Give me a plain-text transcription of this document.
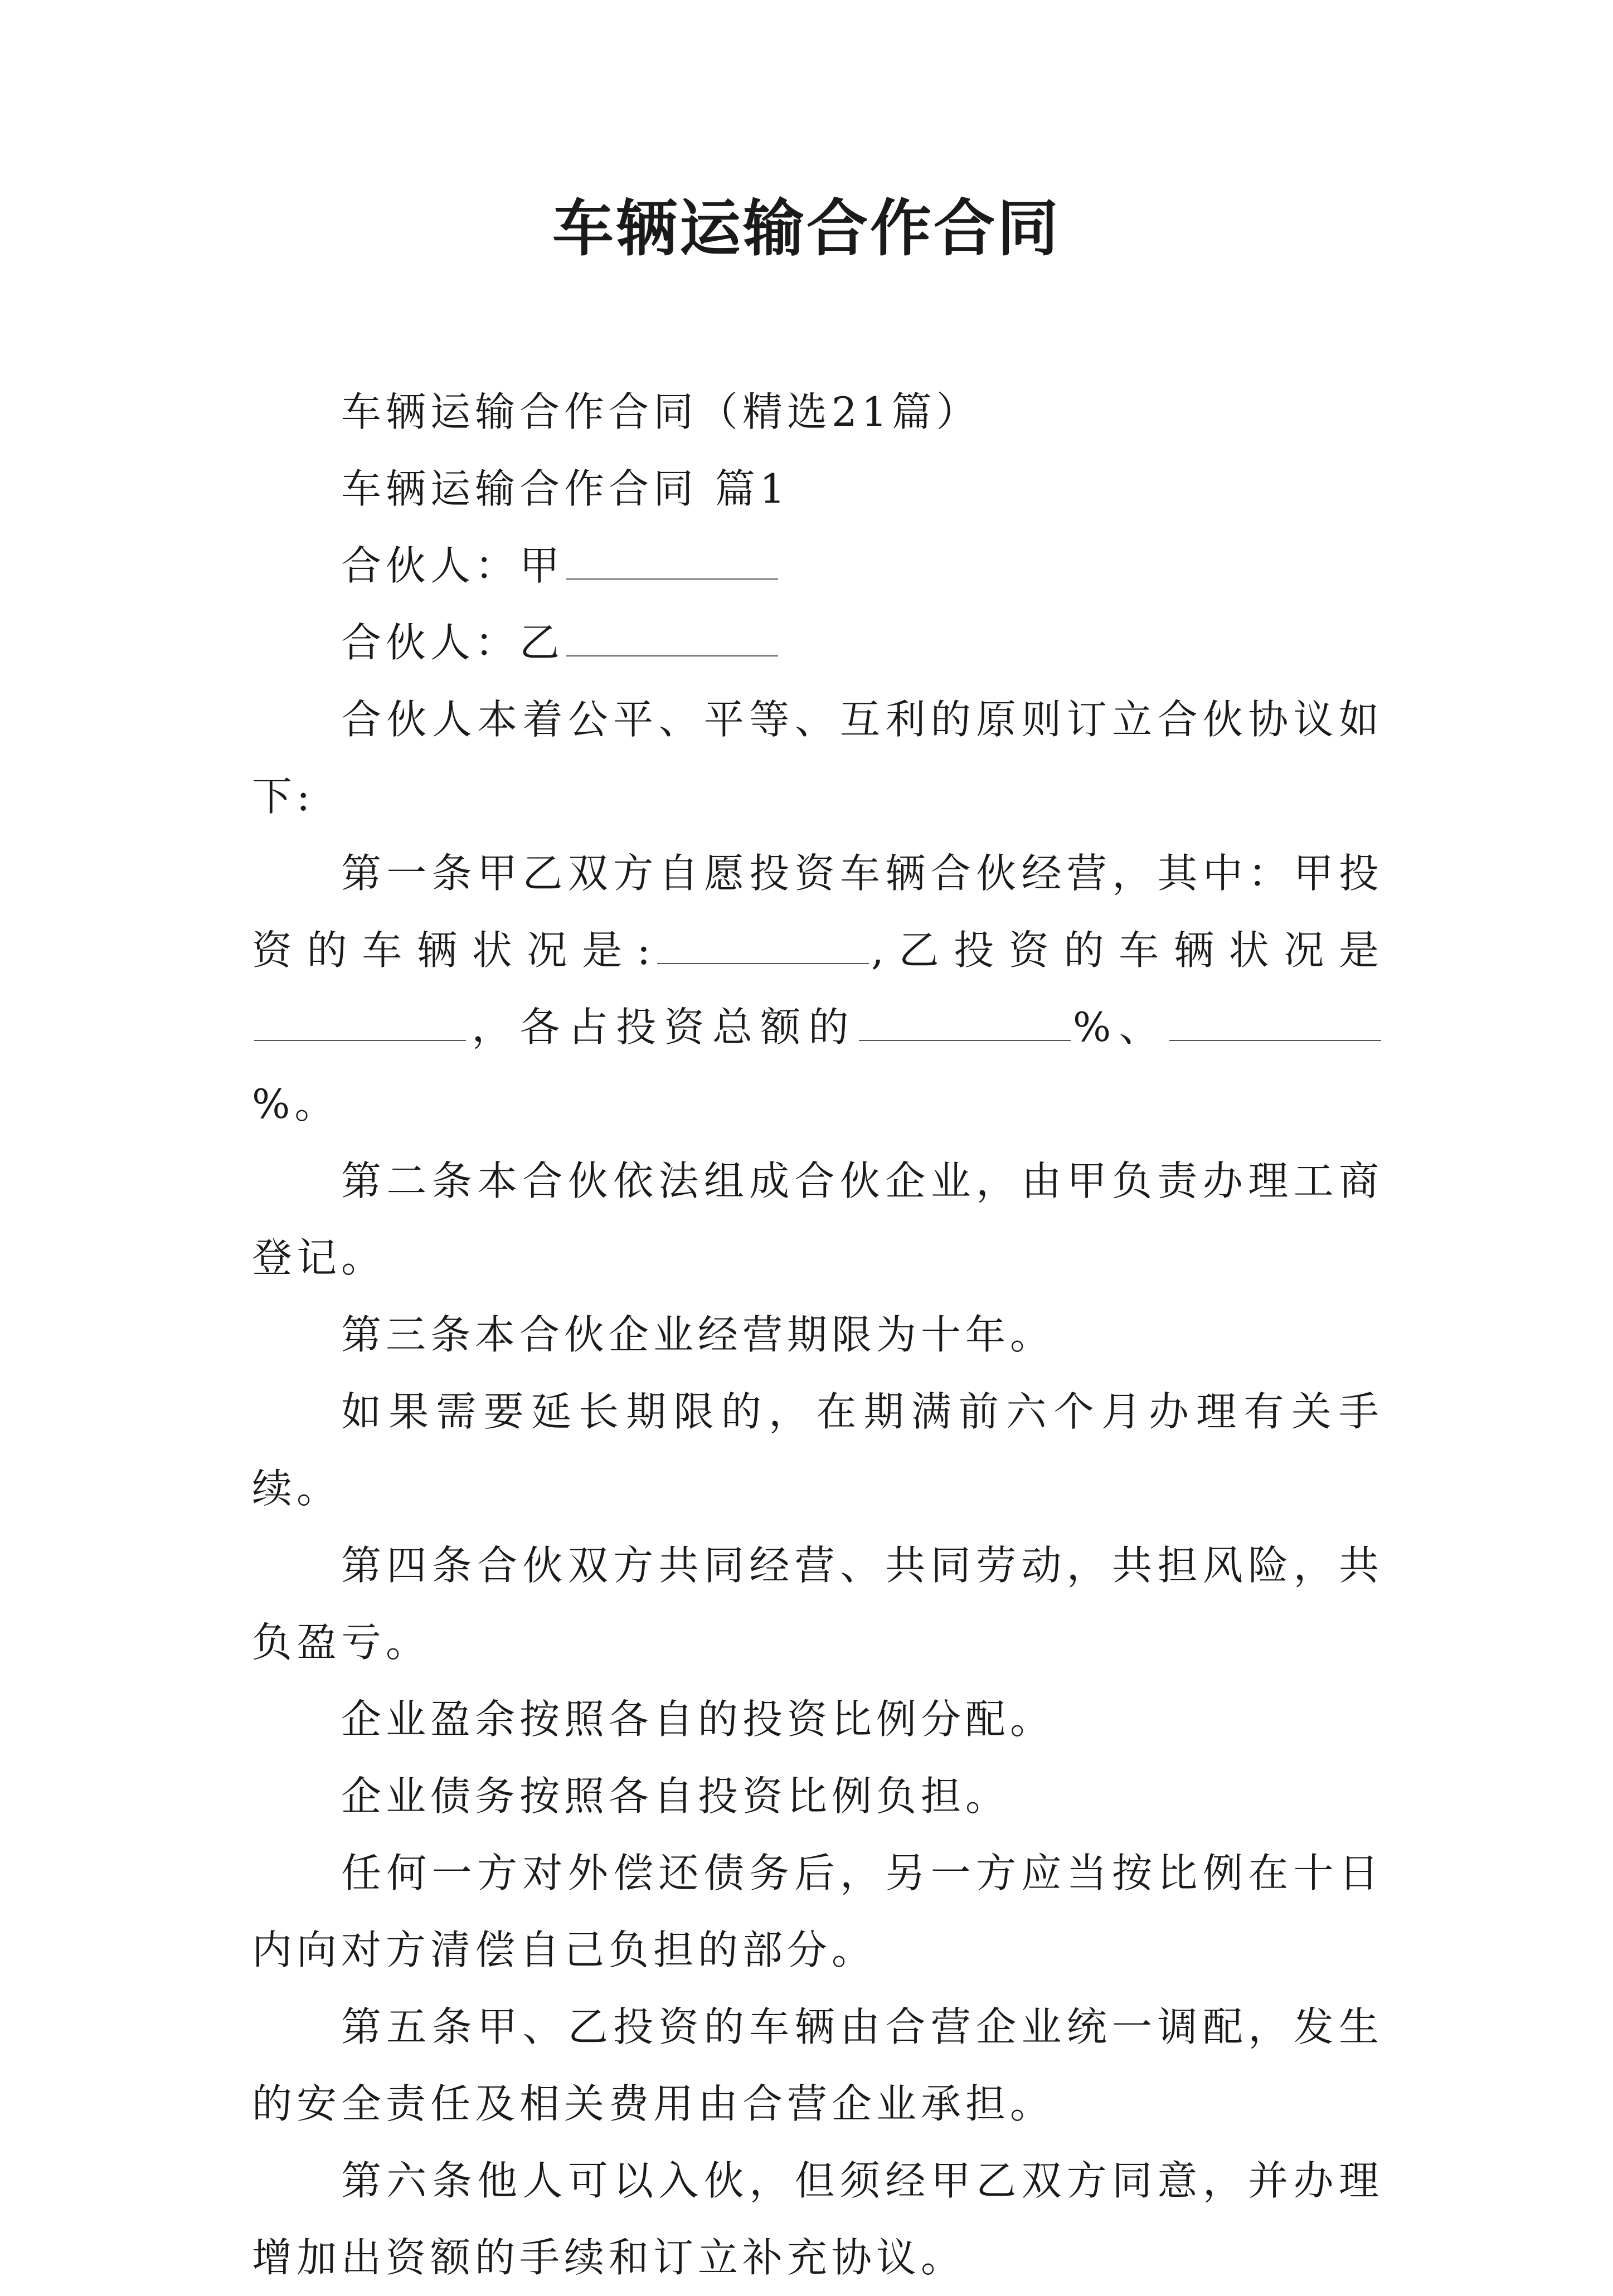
车辆运输合作合同

车辆运输合作合同（精选21篇）

车辆运输合作合同 篇1

合伙人：甲

合伙人：乙

合伙人本着公平、平等、互利的原则订立合伙协议如下:

第一条甲乙双方自愿投资车辆合伙经营，其中：甲投资的车辆状况是:	,乙投资的车辆状况是，各占投资总额的	%、%。

第二条本合伙依法组成合伙企业，由甲负责办理工商登记。

第三条本合伙企业经营期限为十年。

如果需要延长期限的，在期满前六个月办理有关手续。

第四条合伙双方共同经营、共同劳动，共担风险，共负盈亏。

企业盈余按照各自的投资比例分配。

企业债务按照各自投资比例负担。

任何一方对外偿还债务后，另一方应当按比例在十日内向对方清偿自己负担的部分。

第五条甲、乙投资的车辆由合营企业统一调配，发生的安全责任及相关费用由合营企业承担。

第六条他人可以入伙，但须经甲乙双方同意，并办理增加出资额的手续和订立补充协议。
